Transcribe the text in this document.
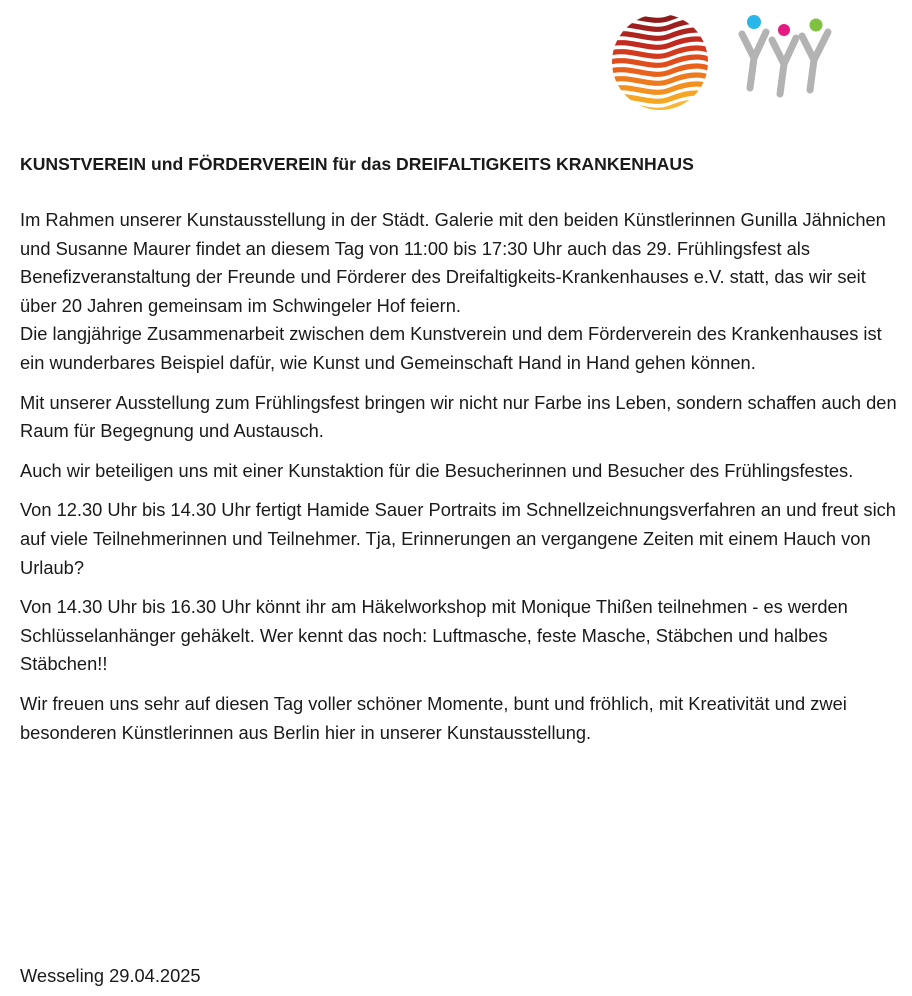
KUNSTVEREIN und FÖRDERVEREIN für das DREIFALTIGKEITS KRANKENHAUS

Im Rahmen unserer Kunstausstellung in der Städt. Galerie mit den beiden Künstlerinnen Gunilla Jähnichen und Susanne Maurer findet an diesem Tag von 11:00 bis 17:30 Uhr auch das 29. Frühlingsfest als Benefizveranstaltung der Freunde und Förderer des Dreifaltigkeits-Krankenhauses e.V. statt, das wir seit über 20 Jahren gemeinsam im Schwingeler Hof feiern.

Die langjährige Zusammenarbeit zwischen dem Kunstverein und dem Förderverein des Krankenhauses ist ein wunderbares Beispiel dafür, wie Kunst und Gemeinschaft Hand in Hand gehen können.

Mit unserer Ausstellung zum Frühlingsfest bringen wir nicht nur Farbe ins Leben, sondern schaffen auch den Raum für Begegnung und Austausch.

Auch wir beteiligen uns mit einer Kunstaktion für die Besucherinnen und Besucher des Frühlingsfestes.

Von 12.30 Uhr bis 14.30 Uhr fertigt Hamide Sauer Portraits im Schnellzeichnungsverfahren an und freut sich auf viele Teilnehmerinnen und Teilnehmer. Tja, Erinnerungen an vergangene Zeiten mit einem Hauch von Urlaub?

Von 14.30 Uhr bis 16.30 Uhr könnt ihr am Häkelworkshop mit Monique Thißen teilnehmen - es werden Schlüsselanhänger gehäkelt. Wer kennt das noch: Luftmasche, feste Masche, Stäbchen und halbes Stäbchen!!

Wir freuen uns sehr auf diesen Tag voller schöner Momente, bunt und fröhlich, mit Kreativität und zwei besonderen Künstlerinnen aus Berlin hier in unserer Kunstausstellung.

Wesseling 29.04.2025
